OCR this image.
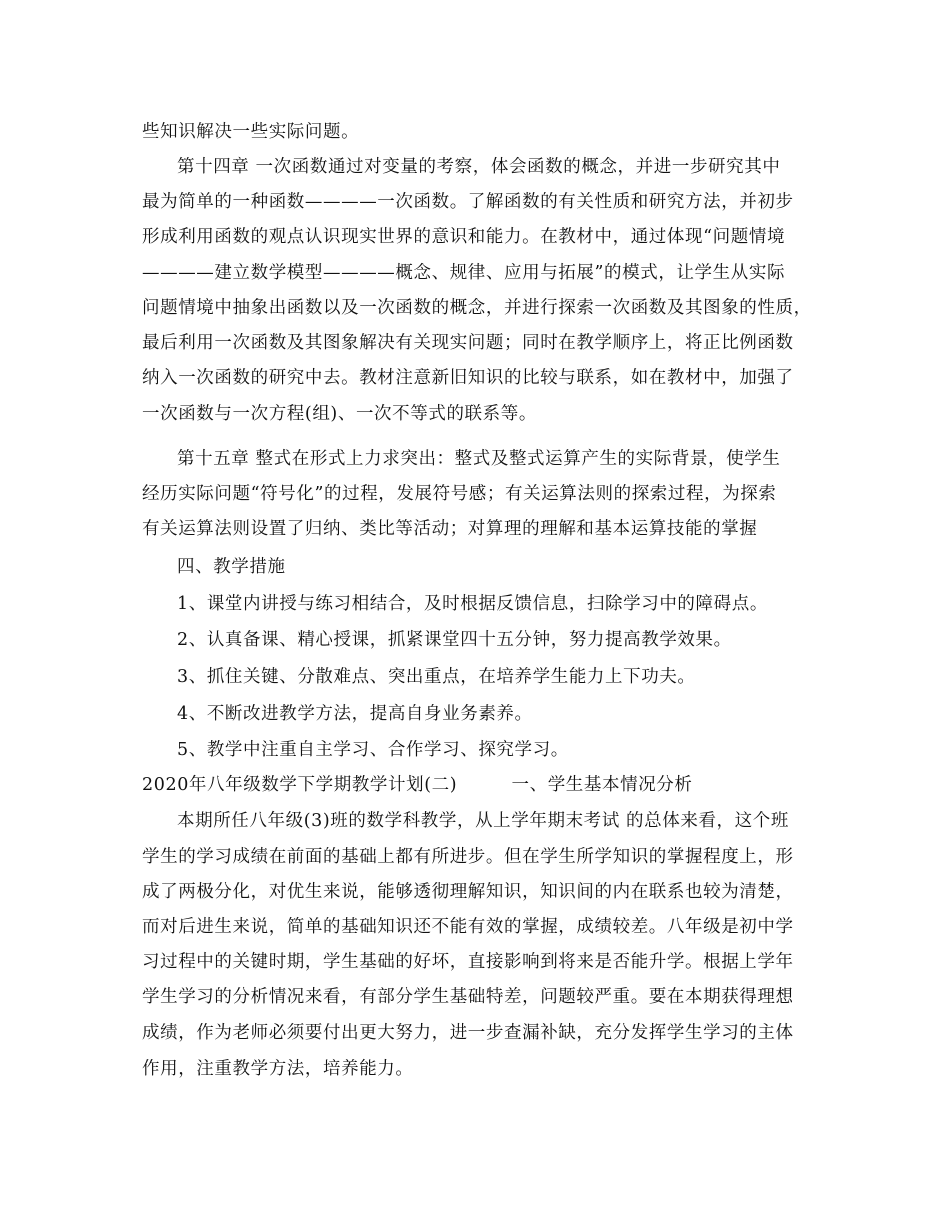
些知识解决一些实际问题。
第十四章 一次函数通过对变量的考察，体会函数的概念，并进一步研究其中
最为简单的一种函数————一次函数。了解函数的有关性质和研究方法，并初步
形成利用函数的观点认识现实世界的意识和能力。在教材中，通过体现“问题情境
————建立数学模型————概念、规律、应用与拓展”的模式，让学生从实际
问题情境中抽象出函数以及一次函数的概念，并进行探索一次函数及其图象的性质，
最后利用一次函数及其图象解决有关现实问题；同时在教学顺序上，将正比例函数
纳入一次函数的研究中去。教材注意新旧知识的比较与联系，如在教材中，加强了
一次函数与一次方程(组)、一次不等式的联系等。
第十五章 整式在形式上力求突出：整式及整式运算产生的实际背景，使学生
经历实际问题“符号化”的过程，发展符号感；有关运算法则的探索过程，为探索
有关运算法则设置了归纳、类比等活动；对算理的理解和基本运算技能的掌握
四、教学措施
1、课堂内讲授与练习相结合，及时根据反馈信息，扫除学习中的障碍点。
2、认真备课、精心授课，抓紧课堂四十五分钟，努力提高教学效果。
3、抓住关键、分散难点、突出重点，在培养学生能力上下功夫。
4、不断改进教学方法，提高自身业务素养。
5、教学中注重自主学习、合作学习、探究学习。
2020年八年级数学下学期教学计划(二)　　　一、学生基本情况分析
本期所任八年级(3)班的数学科教学，从上学年期末考试 的总体来看，这个班
学生的学习成绩在前面的基础上都有所进步。但在学生所学知识的掌握程度上，形
成了两极分化，对优生来说，能够透彻理解知识，知识间的内在联系也较为清楚，
而对后进生来说，简单的基础知识还不能有效的掌握，成绩较差。八年级是初中学
习过程中的关键时期，学生基础的好坏，直接影响到将来是否能升学。根据上学年
学生学习的分析情况来看，有部分学生基础特差，问题较严重。要在本期获得理想
成绩，作为老师必须要付出更大努力，进一步查漏补缺，充分发挥学生学习的主体
作用，注重教学方法，培养能力。
